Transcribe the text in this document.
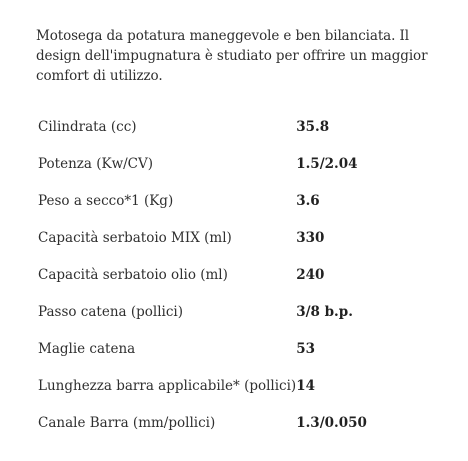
Motosega da potatura maneggevole e ben bilanciata. Il design dell'impugnatura è studiato per offrire un maggior comfort di utilizzo.

Cilindrata (cc)	35.8
Potenza (Kw/CV)	1.5/2.04
Peso a secco*1 (Kg)	3.6
Capacità serbatoio MIX (ml)	330
Capacità serbatoio olio (ml)	240
Passo catena (pollici)	3/8 b.p.
Maglie catena	53
Lunghezza barra applicabile* (pollici)	14
Canale Barra (mm/pollici)	1.3/0.050
